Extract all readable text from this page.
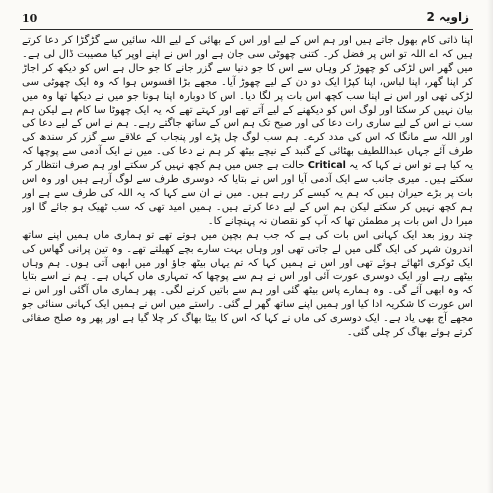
10	زاویہ 2

اپنا ذاتی کام بھول جاتے ہیں اور ہم اس کے لیے اور اس کے بھائی کے لیے اللہ سائیں سے گڑگڑا کر دعا کرتے ہیں کہ اے اللہ تو اس پر فضل کر۔ کتنی چھوٹی سی جان ہے اور اس نے اپنے اوپر کیا مصیبت ڈال لی ہے۔ میں گھر اس لڑکی کو چھوڑ کر وہاں سے اس کا جو دنیا سے گزر جانے کا جو حال ہے اس کو دیکھ کر اجاڑ کر اپنا گھر، اپنا لباس، اپنا کپڑا ایک دو دن کے لیے چھوڑ آیا۔ مجھے بڑا افسوس ہوا کہ وہ ایک چھوٹی سی لڑکی تھی اور اس نے اپنا سب کچھ اس بات پر لگا دیا۔ اس کا دوبارہ اپنا ہونا جو میں نے دیکھا تھا وہ میں بیان نہیں کر سکتا اور لوگ اس کو دیکھنے کے لیے آتے تھے اور کہتے تھے کہ یہ ایک چھوٹا سا کام ہے لیکن ہم سب نے اس کے لیے ساری رات دعا کی اور صبح تک ہم اس کے ساتھ جاگتے رہے۔ ہم نے اس کے لیے دعا کی اور اللہ سے مانگا کہ اس کی مدد کرے۔ ہم سب لوگ چل پڑے اور پنجاب کے علاقے سے گزر کر سندھ کی طرف آئے جہاں عبداللطیف بھٹائی کے گنبد کے نیچے بیٹھ کر ہم نے دعا کی۔ میں نے ایک آدمی سے پوچھا کہ یہ کیا ہے تو اس نے کہا کہ یہ Critical حالت ہے جس میں ہم کچھ نہیں کر سکتے اور ہم صرف انتظار کر سکتے ہیں۔ میری جانب سے ایک آدمی آیا اور اس نے بتایا کہ دوسری طرف سے لوگ آرہے ہیں اور وہ اس بات پر بڑے حیران ہیں کہ ہم یہ کیسے کر رہے ہیں۔ میں نے ان سے کہا کہ یہ اللہ کی طرف سے ہے اور ہم کچھ نہیں کر سکتے لیکن ہم اس کے لیے دعا کرتے ہیں۔ ہمیں امید تھی کہ سب ٹھیک ہو جائے گا اور میرا دل اس بات پر مطمئن تھا کہ آپ کو نقصان نہ پہنچانے کا۔

چند روز بعد ایک کہانی اس بات کی ہے کہ جب ہم بچپن میں ہوتے تھے تو ہماری ماں ہمیں اپنے ساتھ اندرون شہر کی ایک گلی میں لے جاتی تھی اور وہاں بہت سارے بچے کھیلتے تھے۔ وہ تین پرانی گھاس کی ایک ٹوکری اٹھائے ہوئے تھی اور اس نے ہمیں کہا کہ تم یہاں بیٹھ جاؤ اور میں ابھی آتی ہوں۔ ہم وہاں بیٹھے رہے اور ایک دوسری عورت آئی اور اس نے ہم سے پوچھا کہ تمہاری ماں کہاں ہے۔ ہم نے اسے بتایا کہ وہ ابھی آئے گی۔ وہ ہمارے پاس بیٹھ گئی اور ہم سے باتیں کرنے لگی۔ پھر ہماری ماں آگئی اور اس نے اس عورت کا شکریہ ادا کیا اور ہمیں اپنے ساتھ گھر لے گئی۔ راستے میں اس نے ہمیں ایک کہانی سنائی جو مجھے آج بھی یاد ہے۔ ایک دوسری کی ماں نے کہا کہ اس کا بیٹا بھاگ کر چلا گیا ہے اور پھر وہ صلح صفائی کرتے ہوئے بھاگ کر چلی گئی۔
